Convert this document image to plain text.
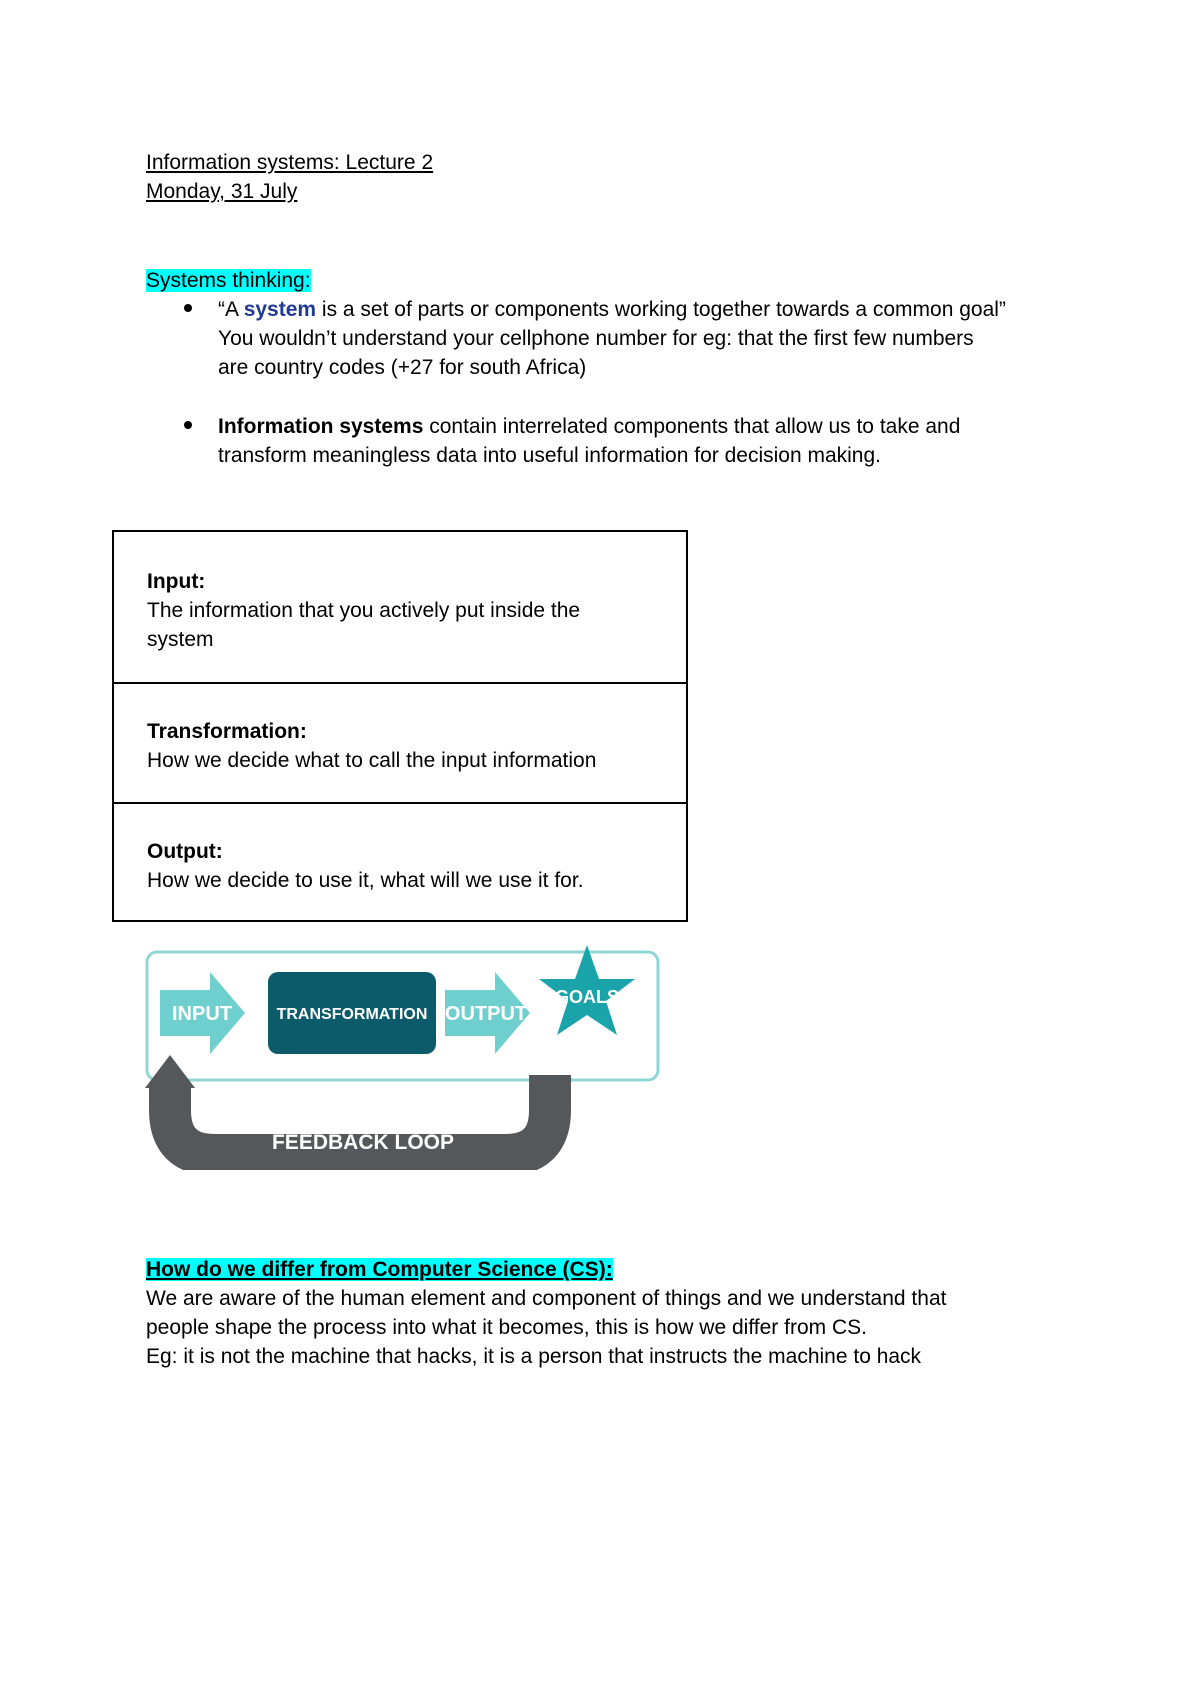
Information systems: Lecture 2
Monday, 31 July
Systems thinking:
“A system is a set of parts or components working together towards a common goal”
You wouldn’t understand your cellphone number for eg: that the first few numbers
are country codes (+27 for south Africa)
Information systems contain interrelated components that allow us to take and
transform meaningless data into useful information for decision making.
Input:
The information that you actively put inside the system
Transformation:
How we decide what to call the input information
Output:
How we decide to use it, what will we use it for.
FEEDBACK LOOP
INPUT	TRANSFORMATION OUTPUT
GOALS
How do we differ from Computer Science (CS):
We are aware of the human element and component of things and we understand that
people shape the process into what it becomes, this is how we differ from CS.
Eg: it is not the machine that hacks, it is a person that instructs the machine to hack
